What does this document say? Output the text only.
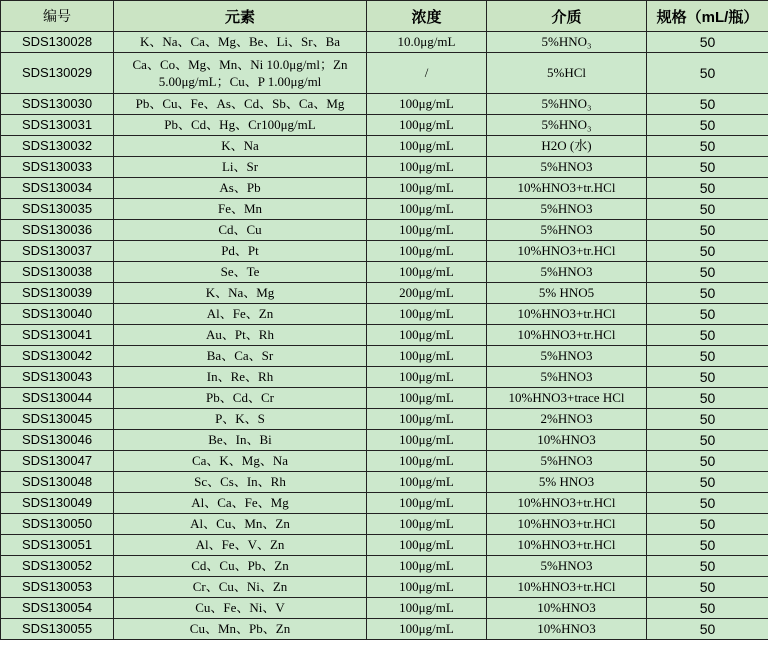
编号	元素	浓度	介质	规格（mL/瓶）
SDS130028	K、Na、Ca、Mg、Be、Li、Sr、Ba	10.0μg/mL	5%HNO₃	50
SDS130029	Ca、Co、Mg、Mn、Ni 10.0μg/ml；Zn 5.00μg/mL；Cu、P 1.00μg/ml	/	5%HCl	50
SDS130030	Pb、Cu、Fe、As、Cd、Sb、Ca、Mg	100μg/mL	5%HNO₃	50
SDS130031	Pb、Cd、Hg、Cr100μg/mL	100μg/mL	5%HNO₃	50
SDS130032	K、Na	100μg/mL	H2O (水)	50
SDS130033	Li、Sr	100μg/mL	5%HNO3	50
SDS130034	As、Pb	100μg/mL	10%HNO3+tr.HCl	50
SDS130035	Fe、Mn	100μg/mL	5%HNO3	50
SDS130036	Cd、Cu	100μg/mL	5%HNO3	50
SDS130037	Pd、Pt	100μg/mL	10%HNO3+tr.HCl	50
SDS130038	Se、Te	100μg/mL	5%HNO3	50
SDS130039	K、Na、Mg	200μg/mL	5% HNO5	50
SDS130040	Al、Fe、Zn	100μg/mL	10%HNO3+tr.HCl	50
SDS130041	Au、Pt、Rh	100μg/mL	10%HNO3+tr.HCl	50
SDS130042	Ba、Ca、Sr	100μg/mL	5%HNO3	50
SDS130043	In、Re、Rh	100μg/mL	5%HNO3	50
SDS130044	Pb、Cd、Cr	100μg/mL	10%HNO3+trace HCl	50
SDS130045	P、K、S	100μg/mL	2%HNO3	50
SDS130046	Be、In、Bi	100μg/mL	10%HNO3	50
SDS130047	Ca、K、Mg、Na	100μg/mL	5%HNO3	50
SDS130048	Sc、Cs、In、Rh	100μg/mL	5% HNO3	50
SDS130049	Al、Ca、Fe、Mg	100μg/mL	10%HNO3+tr.HCl	50
SDS130050	Al、Cu、Mn、Zn	100μg/mL	10%HNO3+tr.HCl	50
SDS130051	Al、Fe、V、Zn	100μg/mL	10%HNO3+tr.HCl	50
SDS130052	Cd、Cu、Pb、Zn	100μg/mL	5%HNO3	50
SDS130053	Cr、Cu、Ni、Zn	100μg/mL	10%HNO3+tr.HCl	50
SDS130054	Cu、Fe、Ni、V	100μg/mL	10%HNO3	50
SDS130055	Cu、Mn、Pb、Zn	100μg/mL	10%HNO3	50
